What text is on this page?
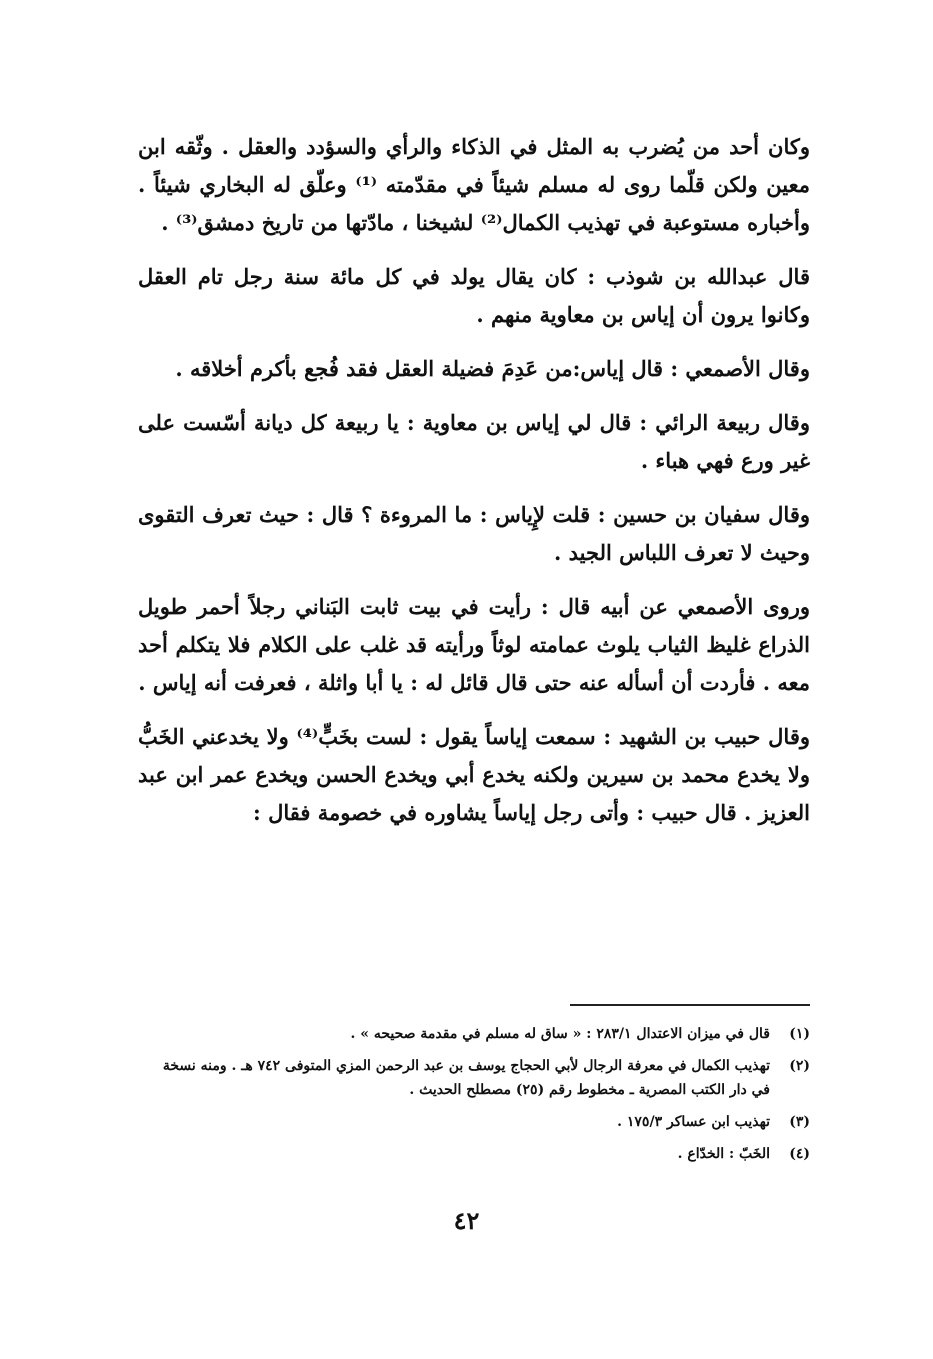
وكان أحد من يُضرب به المثل في الذكاء والرأي والسؤدد والعقل . وثّقه ابن معين ولكن قلّما روى له مسلم شيئاً في مقدّمته ⁽¹⁾ وعلّق له البخاري شيئاً . وأخباره مستوعبة في تهذيب الكمال⁽²⁾ لشيخنا ، مادّتها من تاريخ دمشق⁽³⁾ .

قال عبدالله بن شوذب : كان يقال يولد في كل مائة سنة رجل تام العقل وكانوا يرون أن إياس بن معاوية منهم .

وقال الأصمعي : قال إياس:من عَدِمَ فضيلة العقل فقد فُجع بأكرم أخلاقه .

وقال ربيعة الرائي : قال لي إياس بن معاوية : يا ربيعة كل ديانة أسّست على غير ورع فهي هباء .

وقال سفيان بن حسين : قلت لإِياس : ما المروءة ؟ قال : حيث تعرف التقوى وحيث لا تعرف اللباس الجيد .

وروى الأصمعي عن أبيه قال : رأيت في بيت ثابت البَناني رجلاً أحمر طويل الذراع غليظ الثياب يلوث عمامته لوثاً ورأيته قد غلب على الكلام فلا يتكلم أحد معه . فأردت أن أسأله عنه حتى قال قائل له : يا أبا واثلة ، فعرفت أنه إياس .

وقال حبيب بن الشهيد : سمعت إياساً يقول : لست بخَبٍّ⁽⁴⁾ ولا يخدعني الخَبُّ ولا يخدع محمد بن سيرين ولكنه يخدع أبي ويخدع الحسن ويخدع عمر ابن عبد العزيز . قال حبيب : وأتى رجل إياساً يشاوره في خصومة فقال :

(١)
قال في ميزان الاعتدال ٢٨٣/١ : « ساق له مسلم في مقدمة صحيحه » .
(٢)
تهذيب الكمال في معرفة الرجال لأبي الحجاج يوسف بن عبد الرحمن المزي المتوفى ٧٤٢ هـ . ومنه نسخة في دار الكتب المصرية ـ مخطوط رقم (٢٥) مصطلح الحديث .
(٣)
تهذيب ابن عساكر ١٧٥/٣ .
(٤)
الخَبّ : الخدّاع .
٤٢
